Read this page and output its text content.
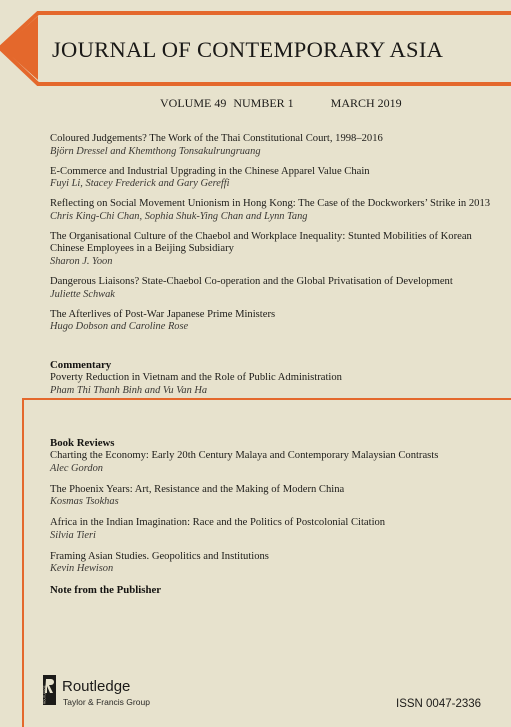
JOURNAL OF CONTEMPORARY ASIA
VOLUME 49 NUMBER 1	MARCH 2019
Coloured Judgements? The Work of the Thai Constitutional Court, 1998–2016
Björn Dressel and Khemthong Tonsakulrungruang
E-Commerce and Industrial Upgrading in the Chinese Apparel Value Chain
Fuyi Li, Stacey Frederick and Gary Gereffi
Reflecting on Social Movement Unionism in Hong Kong: The Case of the Dockworkers’ Strike in 2013
Chris King-Chi Chan, Sophia Shuk-Ying Chan and Lynn Tang
The Organisational Culture of the Chaebol and Workplace Inequality: Stunted Mobilities of Korean Chinese Employees in a Beijing Subsidiary
Sharon J. Yoon
Dangerous Liaisons? State-Chaebol Co-operation and the Global Privatisation of Development
Juliette Schwak
The Afterlives of Post-War Japanese Prime Ministers
Hugo Dobson and Caroline Rose
Commentary
Poverty Reduction in Vietnam and the Role of Public Administration
Pham Thi Thanh Binh and Vu Van Ha
Book Reviews
Charting the Economy: Early 20th Century Malaya and Contemporary Malaysian Contrasts
Alec Gordon
The Phoenix Years: Art, Resistance and the Making of Modern China
Kosmas Tsokhas
Africa in the Indian Imagination: Race and the Politics of Postcolonial Citation
Silvia Tieri
Framing Asian Studies. Geopolitics and Institutions
Kevin Hewison
Note from the Publisher
ROUTLEDGE Routledge
Taylor & Francis Group	ISSN 0047-2336
